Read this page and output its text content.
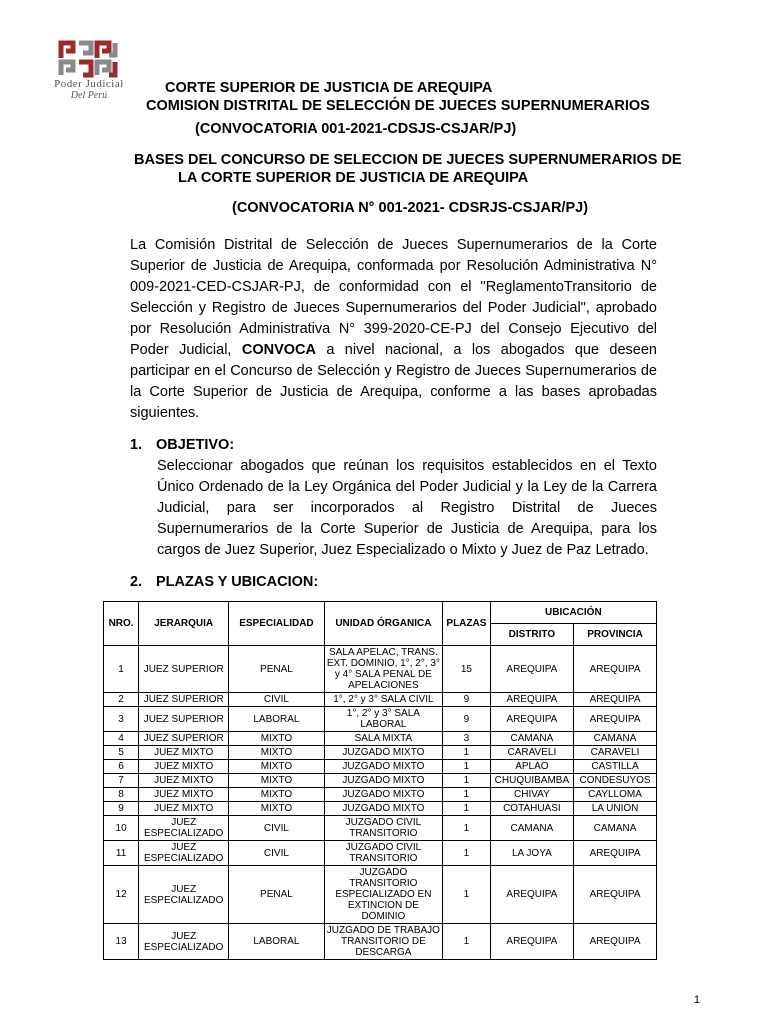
Poder Judicial
Del Perú	CORTE SUPERIOR DE JUSTICIA DE AREQUIPA
COMISION DISTRITAL DE SELECCIÓN DE JUECES SUPERNUMERARIOS
(CONVOCATORIA 001-2021-CDSJS-CSJAR/PJ)
BASES DEL CONCURSO DE SELECCION DE JUECES SUPERNUMERARIOS DE
LA CORTE SUPERIOR DE JUSTICIA DE AREQUIPA
(CONVOCATORIA N° 001-2021- CDSRJS-CSJAR/PJ)
La Comisión Distrital de Selección de Jueces Supernumerarios de la Corte Superior de Justicia de Arequipa, conformada por Resolución Administrativa N° 009-2021-CED-CSJAR-PJ, de conformidad con el "ReglamentoTransitorio de Selección y Registro de Jueces Supernumerarios del Poder Judicial", aprobado por Resolución Administrativa N° 399-2020-CE-PJ del Consejo Ejecutivo del Poder Judicial, CONVOCA a nivel nacional, a los abogados que deseen participar en el Concurso de Selección y Registro de Jueces Supernumerarios de la Corte Superior de Justicia de Arequipa, conforme a las bases aprobadas siguientes.
1. OBJETIVO:
Seleccionar abogados que reúnan los requisitos establecidos en el Texto Único Ordenado de la Ley Orgánica del Poder Judicial y la Ley de la Carrera Judicial, para ser incorporados al Registro Distrital de Jueces Supernumerarios de la Corte Superior de Justicia de Arequipa, para los cargos de Juez Superior, Juez Especializado o Mixto y Juez de Paz Letrado.
2. PLAZAS Y UBICACION:
NRO.	JERARQUIA	ESPECIALIDAD	UNIDAD ÓRGANICA	PLAZAS	UBICACIÓN	
					DISTRITO	PROVINCIA
1	JUEZ SUPERIOR	PENAL	SALA APELAC, TRANS. EXT. DOMINIO, 1°, 2°, 3° y 4° SALA PENAL DE APELACIONES	15	AREQUIPA	AREQUIPA
2	JUEZ SUPERIOR	CIVIL	1°, 2° y 3° SALA CIVIL	9	AREQUIPA	AREQUIPA
3	JUEZ SUPERIOR	LABORAL	1°, 2° y 3° SALA LABORAL	9	AREQUIPA	AREQUIPA
4	JUEZ SUPERIOR	MIXTO	SALA MIXTA	3	CAMANA	CAMANA
5	JUEZ MIXTO	MIXTO	JUZGADO MIXTO	1	CARAVELI	CARAVELI
6	JUEZ MIXTO	MIXTO	JUZGADO MIXTO	1	APLAO	CASTILLA
7	JUEZ MIXTO	MIXTO	JUZGADO MIXTO	1	CHUQUIBAMBA	CONDESUYOS
8	JUEZ MIXTO	MIXTO	JUZGADO MIXTO	1	CHIVAY	CAYLLOMA
9	JUEZ MIXTO	MIXTO	JUZGADO MIXTO	1	COTAHUASI	LA UNION
10	JUEZ ESPECIALIZADO	CIVIL	JUZGADO CIVIL TRANSITORIO	1	CAMANA	CAMANA
11	JUEZ ESPECIALIZADO	CIVIL	JUZGADO CIVIL TRANSITORIO	1	LA JOYA	AREQUIPA
12	JUEZ ESPECIALIZADO	PENAL	JUZGADO TRANSITORIO ESPECIALIZADO EN EXTINCION DE DOMINIO	1	AREQUIPA	AREQUIPA
13	JUEZ ESPECIALIZADO	LABORAL	JUZGADO DE TRABAJO TRANSITORIO DE DESCARGA	1	AREQUIPA	AREQUIPA
1
